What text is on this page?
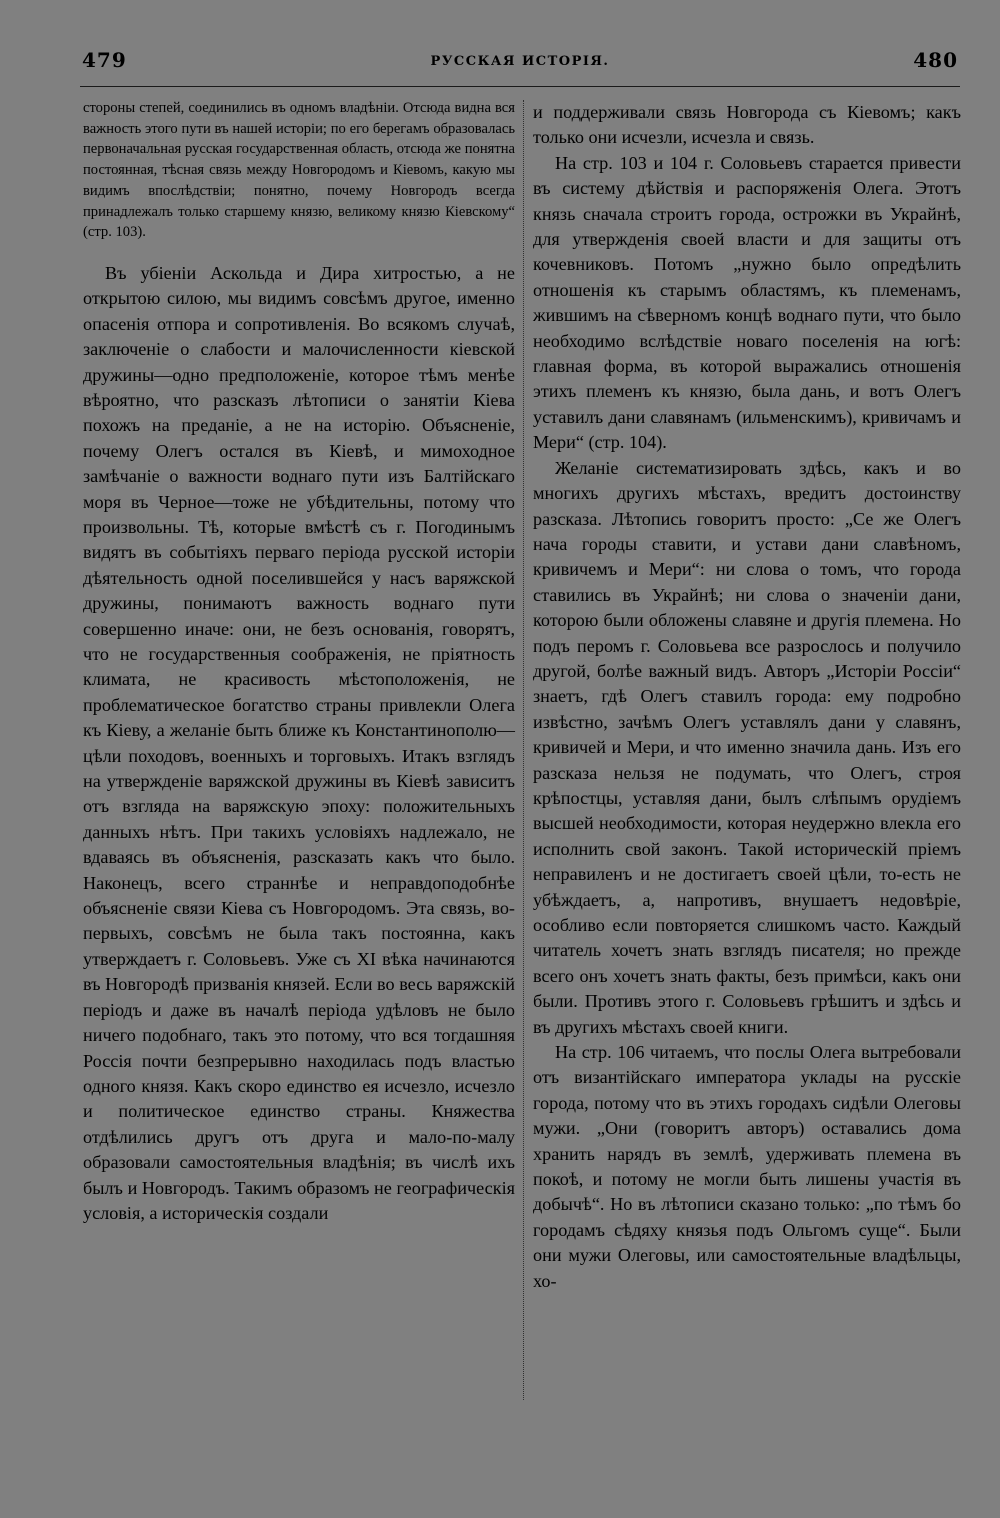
479	РУССКАЯ ИСТОРІЯ.	480

стороны степей, соединились въ одномъ владѣніи. Отсюда видна вся важность этого пути въ нашей исторіи; по его берегамъ образовалась первоначальная русская государственная область, отсюда же понятна постоянная, тѣсная связь между Новгородомъ и Кіевомъ, какую мы видимъ впослѣдствіи; понятно, почему Новгородъ всегда принадлежалъ только старшему князю, великому князю Кіевскому“ (стр. 103).

Въ убіеніи Аскольда и Дира хитростью, а не открытою силою, мы видимъ совсѣмъ другое, именно опасенія отпора и сопротивленія. Во всякомъ случаѣ, заключеніе о слабости и малочисленности кіевской дружины—одно предположеніе, которое тѣмъ менѣе вѣроятно, что разсказъ лѣтописи о занятіи Кіева похожъ на преданіе, а не на исторію. Объясненіе, почему Олегъ остался въ Кіевѣ, и мимоходное замѣчаніе о важности воднаго пути изъ Балтійскаго моря въ Черное—тоже не убѣдительны, потому что произвольны. Тѣ, которые вмѣстѣ съ г. Погодинымъ видятъ въ событіяхъ перваго періода русской исторіи дѣятельность одной поселившейся у насъ варяжской дружины, понимаютъ важность воднаго пути совершенно иначе: они, не безъ основанія, говорятъ, что не государственныя соображенія, не пріятность климата, не красивость мѣстоположенія, не проблематическое богатство страны привлекли Олега къ Кіеву, а желаніе быть ближе къ Константинополю—цѣли походовъ, военныхъ и торговыхъ. Итакъ взглядъ на утвержденіе варяжской дружины въ Кіевѣ зависитъ отъ взгляда на варяжскую эпоху: положительныхъ данныхъ нѣтъ. При такихъ условіяхъ надлежало, не вдаваясь въ объясненія, разсказать какъ что было. Наконецъ, всего страннѣе и неправдоподобнѣе объясненіе связи Кіева съ Новгородомъ. Эта связь, во-первыхъ, совсѣмъ не была такъ постоянна, какъ утверждаетъ г. Соловьевъ. Уже съ XI вѣка начинаются въ Новгородѣ призванія князей. Если во весь варяжскій періодъ и даже въ началѣ періода удѣловъ не было ничего подобнаго, такъ это потому, что вся тогдашняя Россія почти безпрерывно находилась подъ властью одного князя. Какъ скоро единство ея исчезло, исчезло и политическое единство страны. Княжества отдѣлились другъ отъ друга и мало-по-малу образовали самостоятельныя владѣнія; въ числѣ ихъ былъ и Новгородъ. Такимъ образомъ не географическія условія, а историческія создали

и поддерживали связь Новгорода съ Кіевомъ; какъ только они исчезли, исчезла и связь.

На стр. 103 и 104 г. Соловьевъ старается привести въ систему дѣйствія и распоряженія Олега. Этотъ князь сначала строитъ города, острожки въ Украйнѣ, для утвержденія своей власти и для защиты отъ кочевниковъ. Потомъ „нужно было опредѣлить отношенія къ старымъ областямъ, къ племенамъ, жившимъ на сѣверномъ концѣ воднаго пути, что было необходимо вслѣдствіе новаго поселенія на югѣ: главная форма, въ которой выражались отношенія этихъ племенъ къ князю, была дань, и вотъ Олегъ уставилъ дани славянамъ (ильменскимъ), кривичамъ и Мери“ (стр. 104).

Желаніе систематизировать здѣсь, какъ и во многихъ другихъ мѣстахъ, вредитъ достоинству разсказа. Лѣтопись говоритъ просто: „Се же Олегъ нача городы ставити, и устави дани славѣномъ, кривичемъ и Мери“: ни слова о томъ, что города ставились въ Украйнѣ; ни слова о значеніи дани, которою были обложены славяне и другія племена. Но подъ перомъ г. Соловьева все разрослось и получило другой, болѣе важный видъ. Авторъ „Исторіи Россіи“ знаетъ, гдѣ Олегъ ставилъ города: ему подробно извѣстно, зачѣмъ Олегъ уставлялъ дани у славянъ, кривичей и Мери, и что именно значила дань. Изъ его разсказа нельзя не подумать, что Олегъ, строя крѣпостцы, уставляя дани, былъ слѣпымъ орудіемъ высшей необходимости, которая неудержно влекла его исполнить свой законъ. Такой историческій пріемъ неправиленъ и не достигаетъ своей цѣли, то-есть не убѣждаетъ, а, напротивъ, внушаетъ недовѣріе, особливо если повторяется слишкомъ часто. Каждый читатель хочетъ знать взглядъ писателя; но прежде всего онъ хочетъ знать факты, безъ примѣси, какъ они были. Противъ этого г. Соловьевъ грѣшитъ и здѣсь и въ другихъ мѣстахъ своей книги.

На стр. 106 читаемъ, что послы Олега вытребовали отъ византійскаго императора уклады на русскіе города, потому что въ этихъ городахъ сидѣли Олеговы мужи. „Они (говоритъ авторъ) оставались дома хранить нарядъ въ землѣ, удерживать племена въ покоѣ, и потому не могли быть лишены участія въ добычѣ“. Но въ лѣтописи сказано только: „по тѣмъ бо городамъ сѣдяху князья подъ Ольгомъ суще“. Были они мужи Олеговы, или самостоятельные владѣльцы, хо-
